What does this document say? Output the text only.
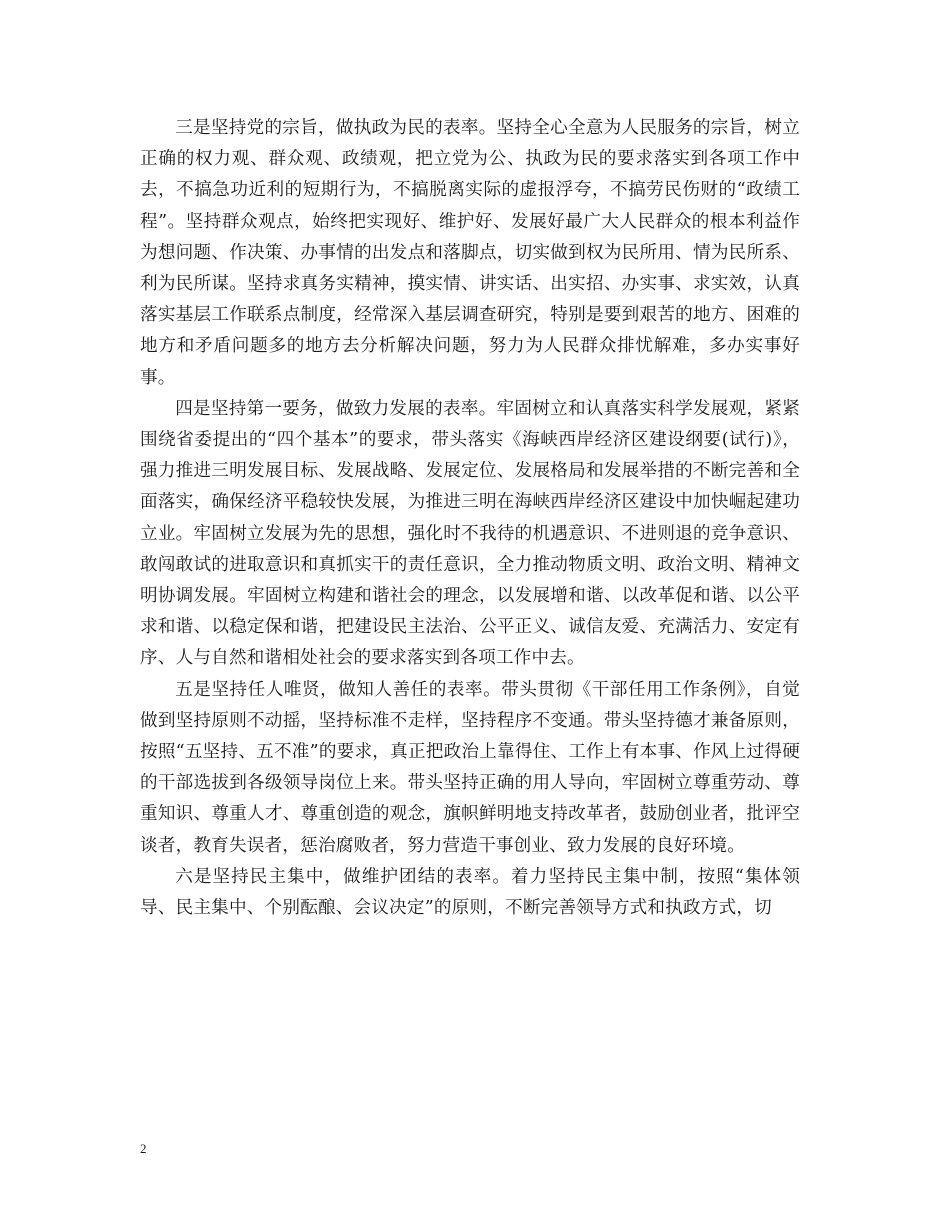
三是坚持党的宗旨，做执政为民的表率。坚持全心全意为人民服务的宗旨，树立正确的权力观、群众观、政绩观，把立党为公、执政为民的要求落实到各项工作中去，不搞急功近利的短期行为，不搞脱离实际的虚报浮夸，不搞劳民伤财的“政绩工程”。坚持群众观点，始终把实现好、维护好、发展好最广大人民群众的根本利益作为想问题、作决策、办事情的出发点和落脚点，切实做到权为民所用、情为民所系、利为民所谋。坚持求真务实精神，摸实情、讲实话、出实招、办实事、求实效，认真落实基层工作联系点制度，经常深入基层调查研究，特别是要到艰苦的地方、困难的地方和矛盾问题多的地方去分析解决问题，努力为人民群众排忧解难，多办实事好事。

四是坚持第一要务，做致力发展的表率。牢固树立和认真落实科学发展观，紧紧围绕省委提出的“四个基本”的要求，带头落实《海峡西岸经济区建设纲要(试行)》，强力推进三明发展目标、发展战略、发展定位、发展格局和发展举措的不断完善和全面落实，确保经济平稳较快发展，为推进三明在海峡西岸经济区建设中加快崛起建功立业。牢固树立发展为先的思想，强化时不我待的机遇意识、不进则退的竞争意识、敢闯敢试的进取意识和真抓实干的责任意识，全力推动物质文明、政治文明、精神文明协调发展。牢固树立构建和谐社会的理念，以发展增和谐、以改革促和谐、以公平求和谐、以稳定保和谐，把建设民主法治、公平正义、诚信友爱、充满活力、安定有序、人与自然和谐相处社会的要求落实到各项工作中去。

五是坚持任人唯贤，做知人善任的表率。带头贯彻《干部任用工作条例》，自觉做到坚持原则不动摇，坚持标准不走样，坚持程序不变通。带头坚持德才兼备原则，按照“五坚持、五不准”的要求，真正把政治上靠得住、工作上有本事、作风上过得硬的干部选拔到各级领导岗位上来。带头坚持正确的用人导向，牢固树立尊重劳动、尊重知识、尊重人才、尊重创造的观念，旗帜鲜明地支持改革者，鼓励创业者，批评空谈者，教育失误者，惩治腐败者，努力营造干事创业、致力发展的良好环境。

六是坚持民主集中，做维护团结的表率。着力坚持民主集中制，按照“集体领导、民主集中、个别酝酿、会议决定”的原则，不断完善领导方式和执政方式，切

2
